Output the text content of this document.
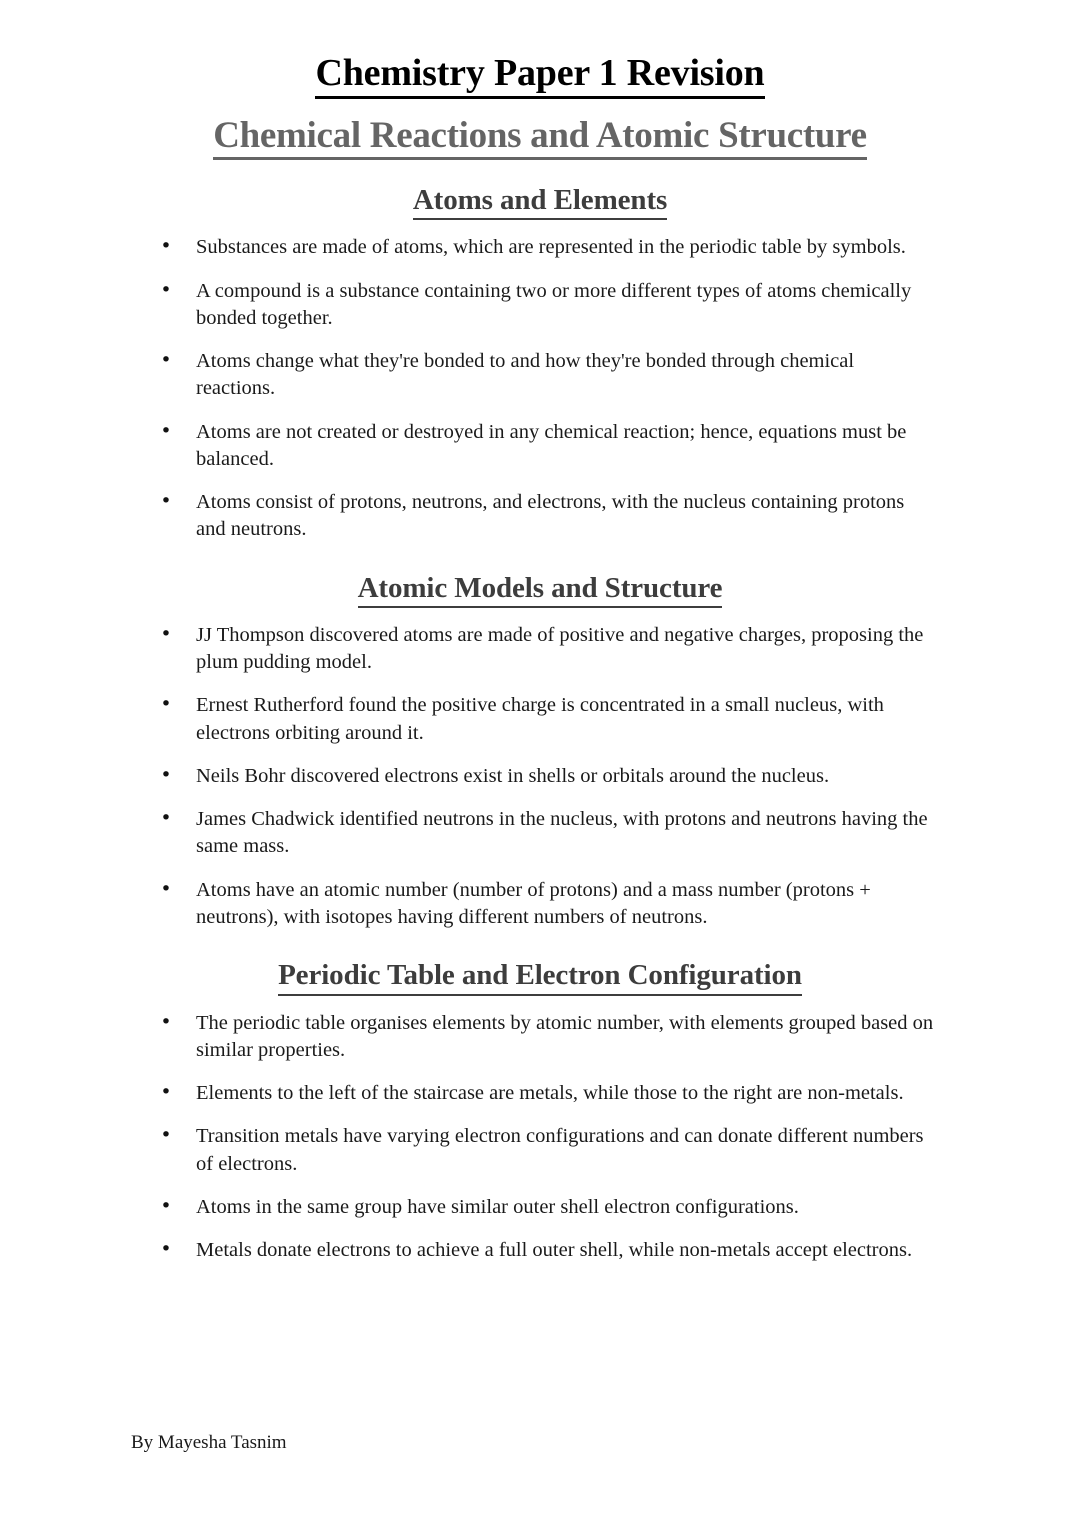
Chemistry Paper 1 Revision
Chemical Reactions and Atomic Structure
Atoms and Elements
• Substances are made of atoms, which are represented in the periodic table by symbols.
• A compound is a substance containing two or more different types of atoms chemically bonded together.
• Atoms change what they're bonded to and how they're bonded through chemical reactions.
• Atoms are not created or destroyed in any chemical reaction; hence, equations must be balanced.
• Atoms consist of protons, neutrons, and electrons, with the nucleus containing protons and neutrons.
Atomic Models and Structure
• JJ Thompson discovered atoms are made of positive and negative charges, proposing the plum pudding model.
• Ernest Rutherford found the positive charge is concentrated in a small nucleus, with electrons orbiting around it.
• Neils Bohr discovered electrons exist in shells or orbitals around the nucleus.
• James Chadwick identified neutrons in the nucleus, with protons and neutrons having the same mass.
• Atoms have an atomic number (number of protons) and a mass number (protons + neutrons), with isotopes having different numbers of neutrons.
Periodic Table and Electron Configuration
• The periodic table organises elements by atomic number, with elements grouped based on similar properties.
• Elements to the left of the staircase are metals, while those to the right are non-metals.
• Transition metals have varying electron configurations and can donate different numbers of electrons.
• Atoms in the same group have similar outer shell electron configurations.
• Metals donate electrons to achieve a full outer shell, while non-metals accept electrons.
By Mayesha Tasnim
